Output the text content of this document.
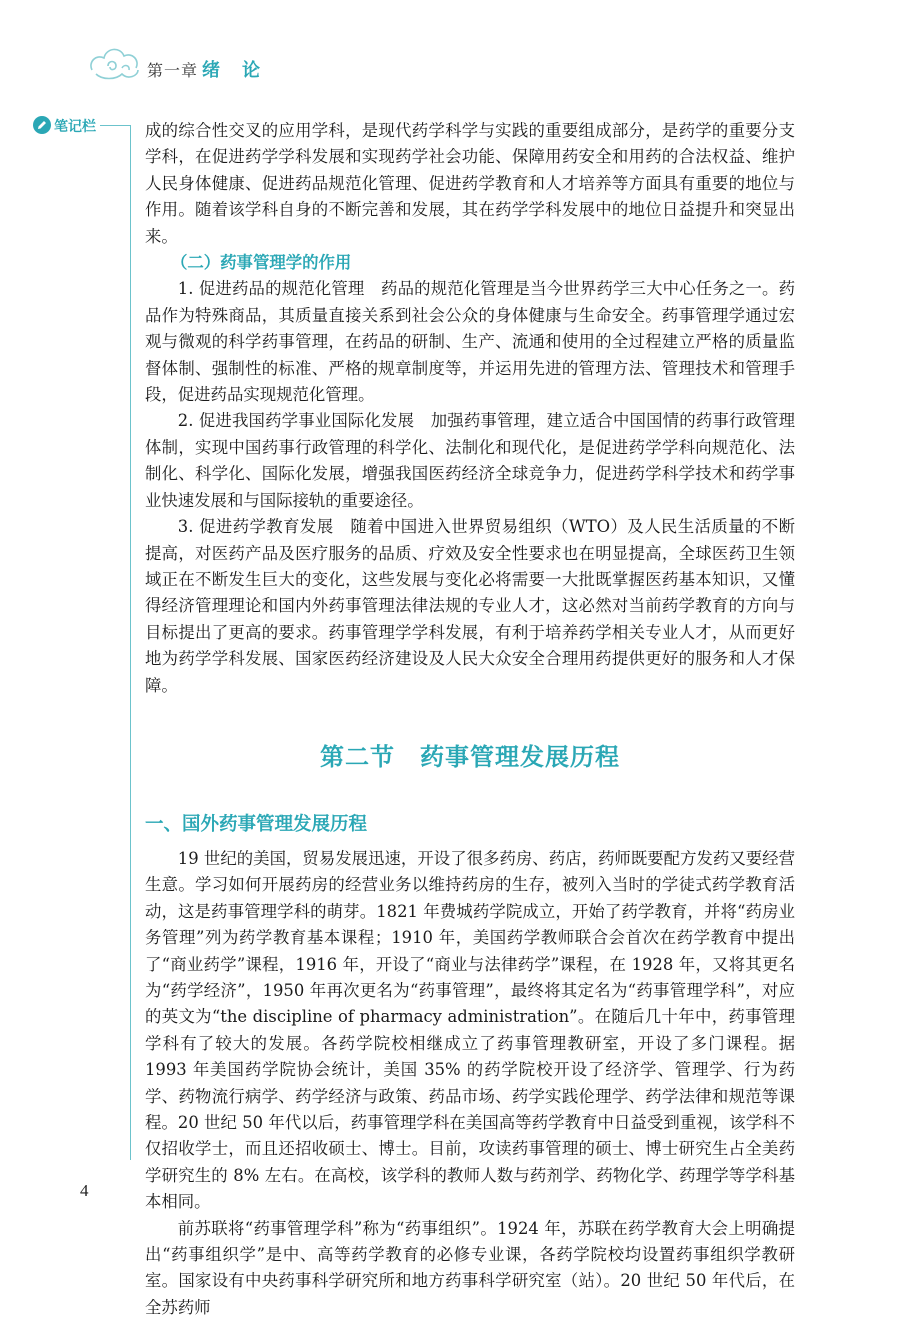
第一章 绪论
笔记栏	成的综合性交叉的应用学科，是现代药学科学与实践的重要组成部分，是药学的重要分支学科，在促进药学学科发展和实现药学社会功能、保障用药安全和用药的合法权益、维护人民身体健康、促进药品规范化管理、促进药学教育和人才培养等方面具有重要的地位与作用。随着该学科自身的不断完善和发展，其在药学学科发展中的地位日益提升和突显出来。

（二）药事管理学的作用

1. 促进药品的规范化管理　药品的规范化管理是当今世界药学三大中心任务之一。药品作为特殊商品，其质量直接关系到社会公众的身体健康与生命安全。药事管理学通过宏观与微观的科学药事管理，在药品的研制、生产、流通和使用的全过程建立严格的质量监督体制、强制性的标准、严格的规章制度等，并运用先进的管理方法、管理技术和管理手段，促进药品实现规范化管理。

2. 促进我国药学事业国际化发展　加强药事管理，建立适合中国国情的药事行政管理体制，实现中国药事行政管理的科学化、法制化和现代化，是促进药学学科向规范化、法制化、科学化、国际化发展，增强我国医药经济全球竞争力，促进药学科学技术和药学事业快速发展和与国际接轨的重要途径。

3. 促进药学教育发展　随着中国进入世界贸易组织（WTO）及人民生活质量的不断提高，对医药产品及医疗服务的品质、疗效及安全性要求也在明显提高，全球医药卫生领域正在不断发生巨大的变化，这些发展与变化必将需要一大批既掌握医药基本知识，又懂得经济管理理论和国内外药事管理法律法规的专业人才，这必然对当前药学教育的方向与目标提出了更高的要求。药事管理学学科发展，有利于培养药学相关专业人才，从而更好地为药学学科发展、国家医药经济建设及人民大众安全合理用药提供更好的服务和人才保障。

第二节　药事管理发展历程
一、国外药事管理发展历程

19 世纪的美国，贸易发展迅速，开设了很多药房、药店，药师既要配方发药又要经营生意。学习如何开展药房的经营业务以维持药房的生存，被列入当时的学徒式药学教育活动，这是药事管理学科的萌芽。1821 年费城药学院成立，开始了药学教育，并将“药房业务管理”列为药学教育基本课程；1910 年，美国药学教师联合会首次在药学教育中提出了“商业药学”课程，1916 年，开设了“商业与法律药学”课程，在 1928 年，又将其更名为“药学经济”，1950 年再次更名为“药事管理”，最终将其定名为“药事管理学科”，对应的英文为“the discipline of pharmacy administration”。在随后几十年中，药事管理学科有了较大的发展。各药学院校相继成立了药事管理教研室，开设了多门课程。据 1993 年美国药学院协会统计，美国 35% 的药学院校开设了经济学、管理学、行为药学、药物流行病学、药学经济与政策、药品市场、药学实践伦理学、药学法律和规范等课程。20 世纪 50 年代以后，药事管理学科在美国高等药学教育中日益受到重视，该学科不仅招收学士，而且还招收硕士、博士。目前，攻读药事管理的硕士、博士研究生占全美药学研究生的 8% 左右。在高校，该学科的教师人数与药剂学、药物化学、药理学等学科基本相同。

前苏联将“药事管理学科”称为“药事组织”。1924 年，苏联在药学教育大会上明确提出“药事组织学”是中、高等药学教育的必修专业课，各药学院校均设置药事组织学教研室。国家设有中央药事科学研究所和地方药事科学研究室（站）。20 世纪 50 年代后，在全苏药师

4
